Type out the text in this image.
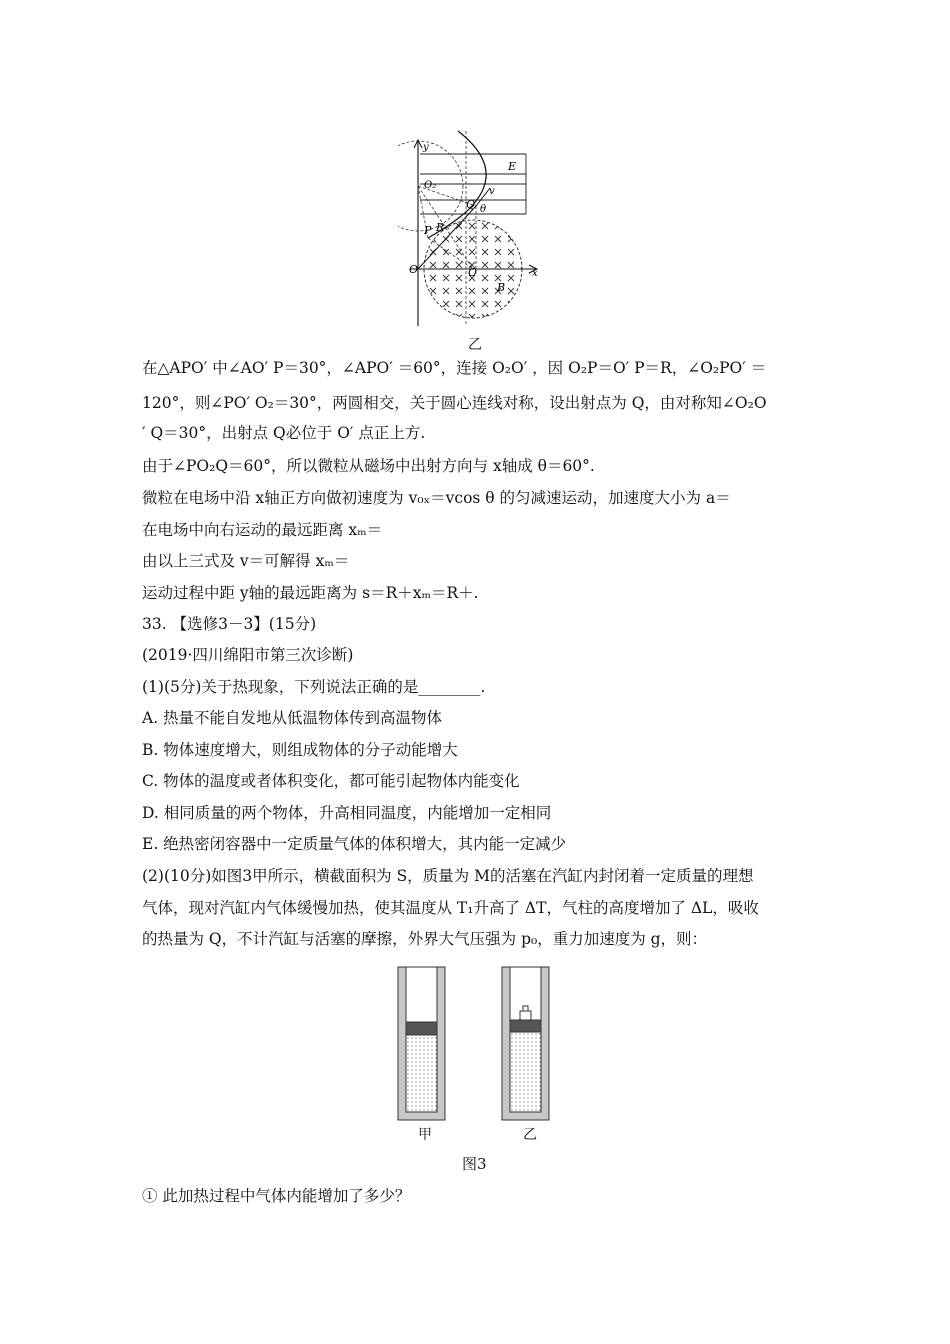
y
E
O₂
v
Q θ
P R
O	O	x
B
乙
在△APO′ 中∠AO′ P＝30°，∠APO′ ＝60°，连接 O₂O′ ，因 O₂P＝O′ P＝R，∠O₂PO′ ＝
120°，则∠PO′ O₂＝30°，两圆相交，关于圆心连线对称，设出射点为 Q，由对称知∠O₂O
′ Q＝30°，出射点 Q必位于 O′ 点正上方.
由于∠PO₂Q＝60°，所以微粒从磁场中出射方向与 x轴成 θ＝60°.
微粒在电场中沿 x轴正方向做初速度为 v₀ₓ＝vcos θ 的匀减速运动，加速度大小为 a＝
在电场中向右运动的最远距离 xₘ＝
由以上三式及 v＝可解得 xₘ＝
运动过程中距 y轴的最远距离为 s＝R＋xₘ＝R＋.
33. 【选修3－3】(15分)
(2019·四川绵阳市第三次诊断)
(1)(5分)关于热现象，下列说法正确的是________.
A. 热量不能自发地从低温物体传到高温物体
B. 物体速度增大，则组成物体的分子动能增大
C. 物体的温度或者体积变化，都可能引起物体内能变化
D. 相同质量的两个物体，升高相同温度，内能增加一定相同
E. 绝热密闭容器中一定质量气体的体积增大，其内能一定减少
(2)(10分)如图3甲所示，横截面积为 S，质量为 M的活塞在汽缸内封闭着一定质量的理想
气体，现对汽缸内气体缓慢加热，使其温度从 T₁升高了 ΔT，气柱的高度增加了 ΔL，吸收
的热量为 Q，不计汽缸与活塞的摩擦，外界大气压强为 p₀，重力加速度为 g，则：
甲	乙
图3
① 此加热过程中气体内能增加了多少？
